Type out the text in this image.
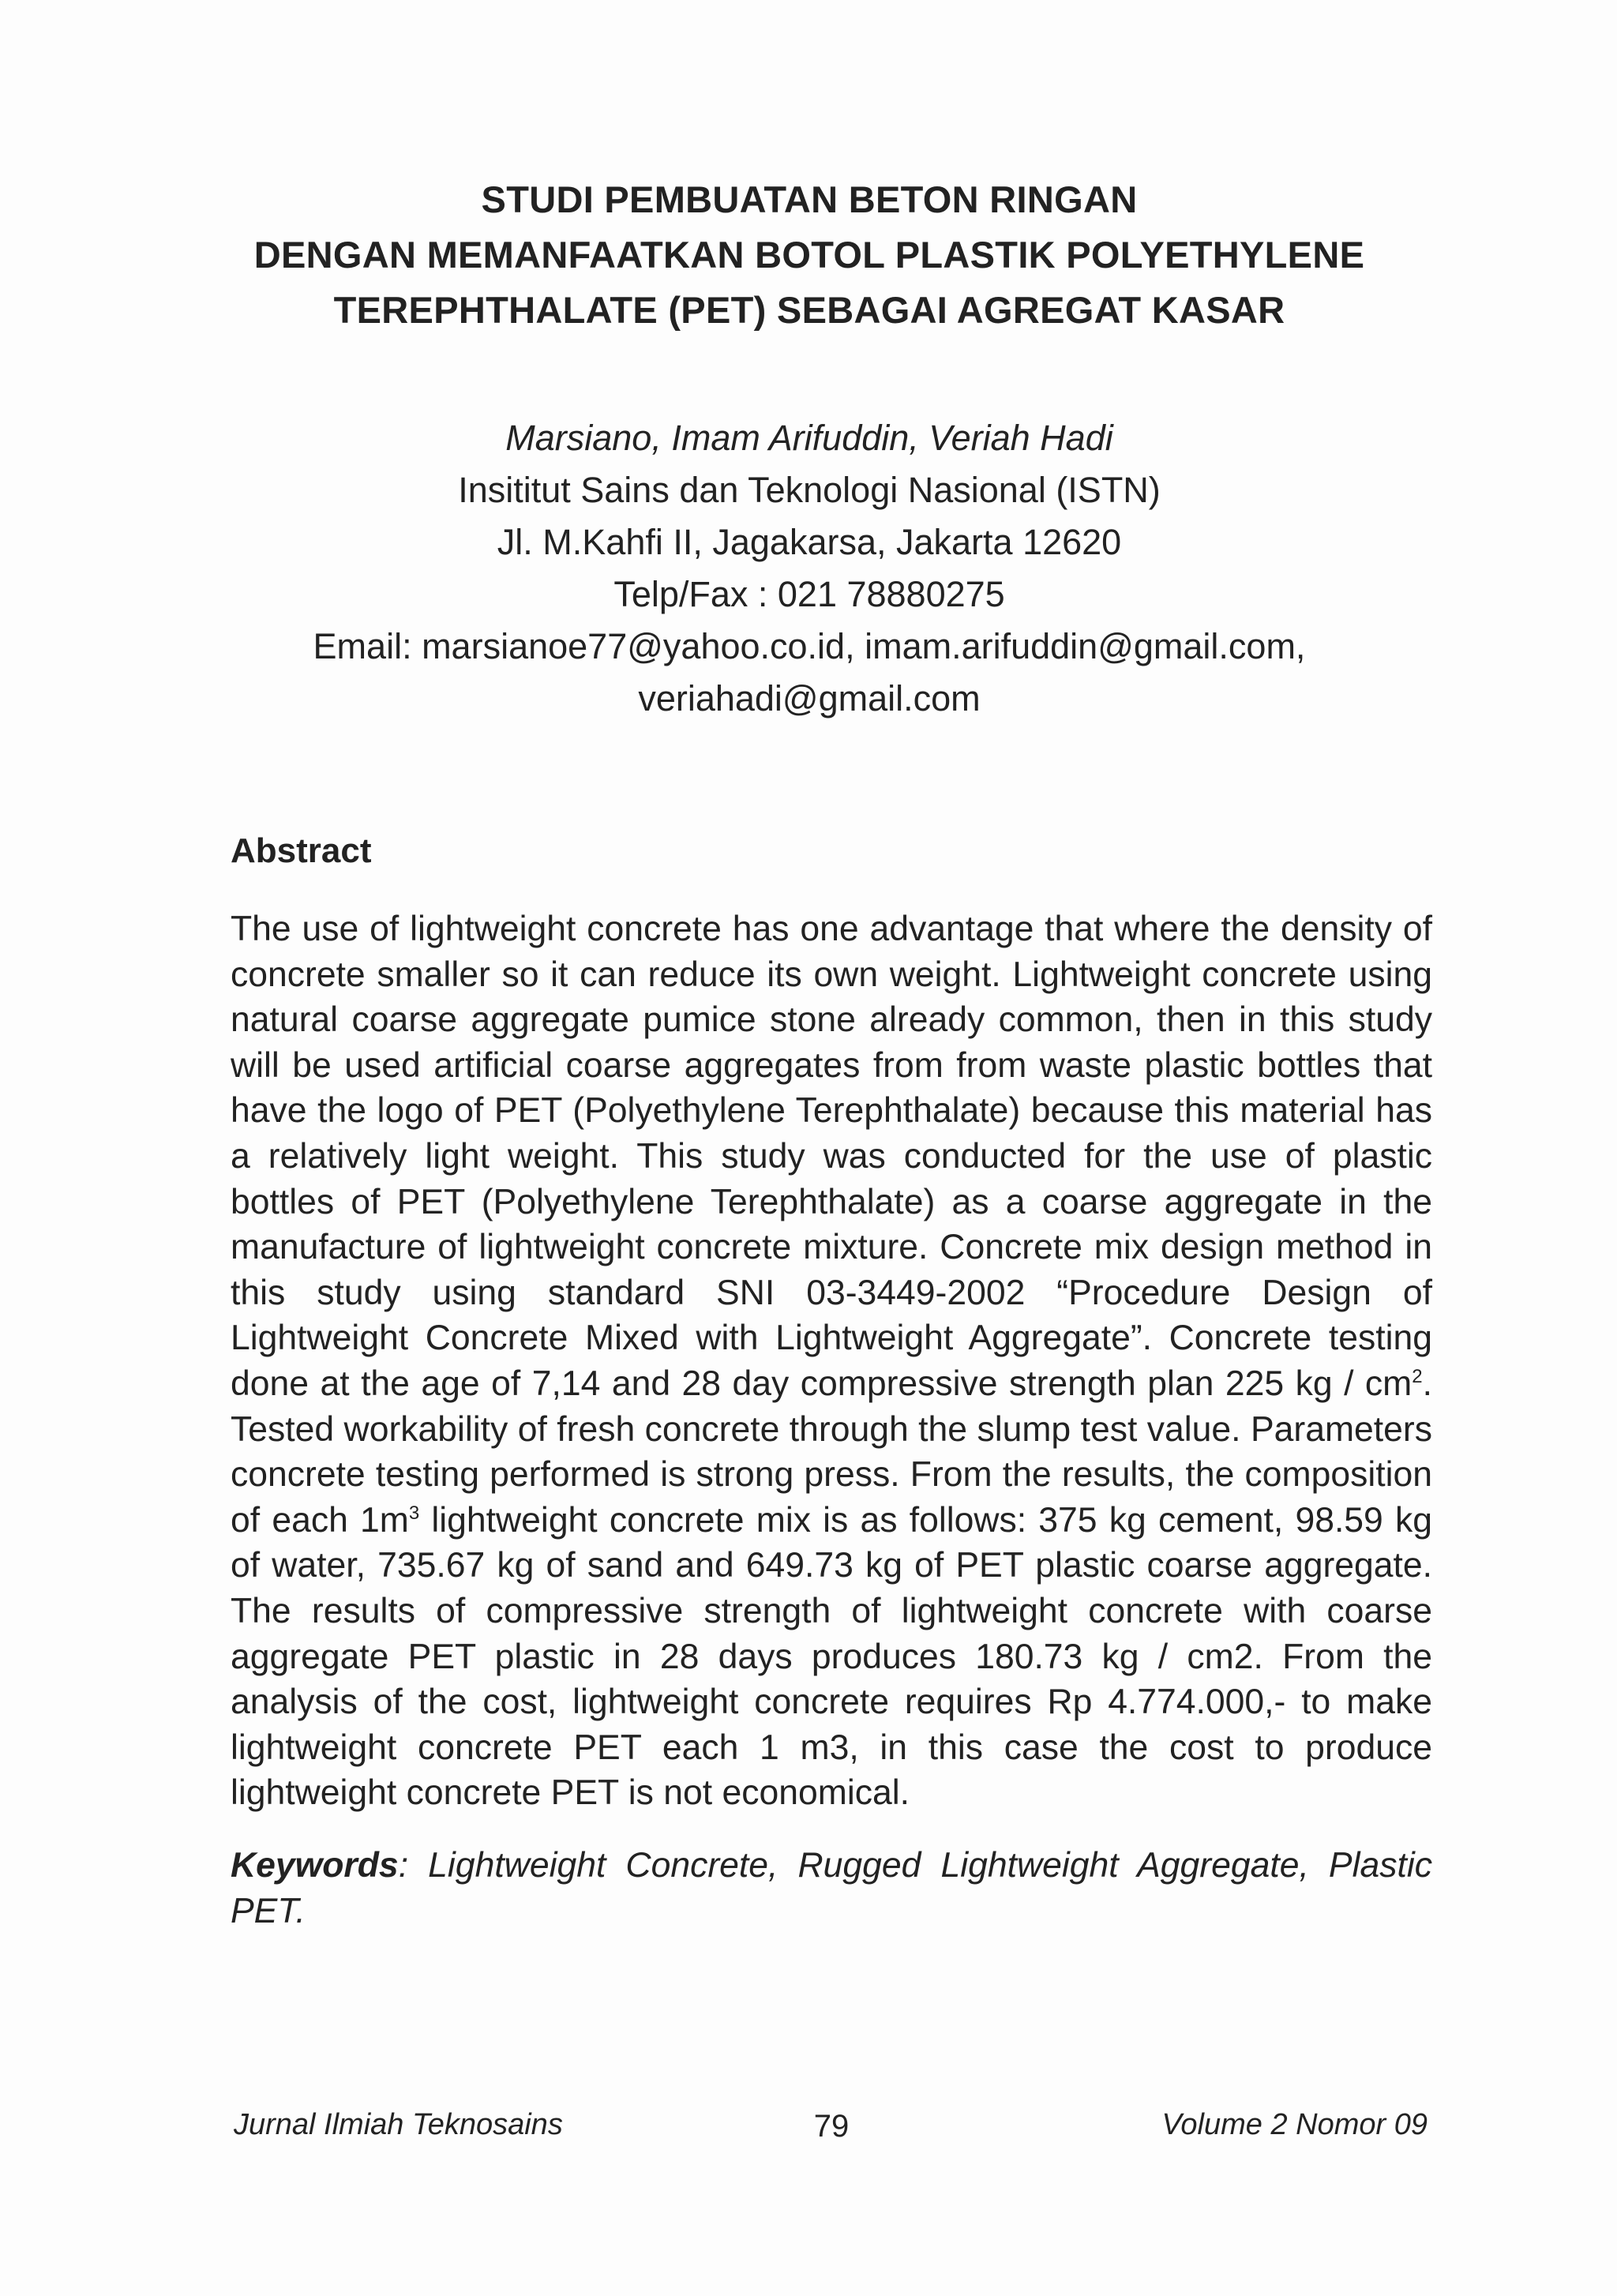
STUDI PEMBUATAN BETON RINGAN
DENGAN MEMANFAATKAN BOTOL PLASTIK POLYETHYLENE
TEREPHTHALATE (PET) SEBAGAI AGREGAT KASAR
Marsiano, Imam Arifuddin, Veriah Hadi
Insititut Sains dan Teknologi Nasional (ISTN)
Jl. M.Kahfi II, Jagakarsa, Jakarta 12620
Telp/Fax : 021 78880275
Email: marsianoe77@yahoo.co.id, imam.arifuddin@gmail.com,
veriahadi@gmail.com
Abstract
The use of lightweight concrete has one advantage that where the density of concrete smaller so it can reduce its own weight. Lightweight concrete using natural coarse aggregate pumice stone already common, then in this study will be used artificial coarse aggregates from from waste plastic bottles that have the logo of PET (Polyethylene Terephthalate) because this material has a relatively light weight. This study was conducted for the use of plastic bottles of PET (Polyethylene Terephthalate) as a coarse aggregate in the manufacture of lightweight concrete mixture. Concrete mix design method in this study using standard SNI 03-3449-2002 “Procedure Design of Lightweight Concrete Mixed with Lightweight Aggregate”. Concrete testing done at the age of 7,14 and 28 day compressive strength plan 225 kg / $cm^2$. Tested workability of fresh concrete through the slump test value. Parameters concrete testing performed is strong press. From the results, the composition of each $1m^3$ lightweight concrete mix is as follows: 375 kg cement, 98.59 kg of water, 735.67 kg of sand and 649.73 kg of PET plastic coarse aggregate. The results of compressive strength of lightweight concrete with coarse aggregate PET plastic in 28 days produces 180.73 kg / cm2. From the analysis of the cost, lightweight concrete requires Rp 4.774.000,- to make lightweight concrete PET each 1 m3, in this case the cost to produce lightweight concrete PET is not economical.
Keywords: Lightweight Concrete, Rugged Lightweight Aggregate, Plastic PET.
Jurnal Ilmiah Teknosains	79	Volume 2 Nomor 09
